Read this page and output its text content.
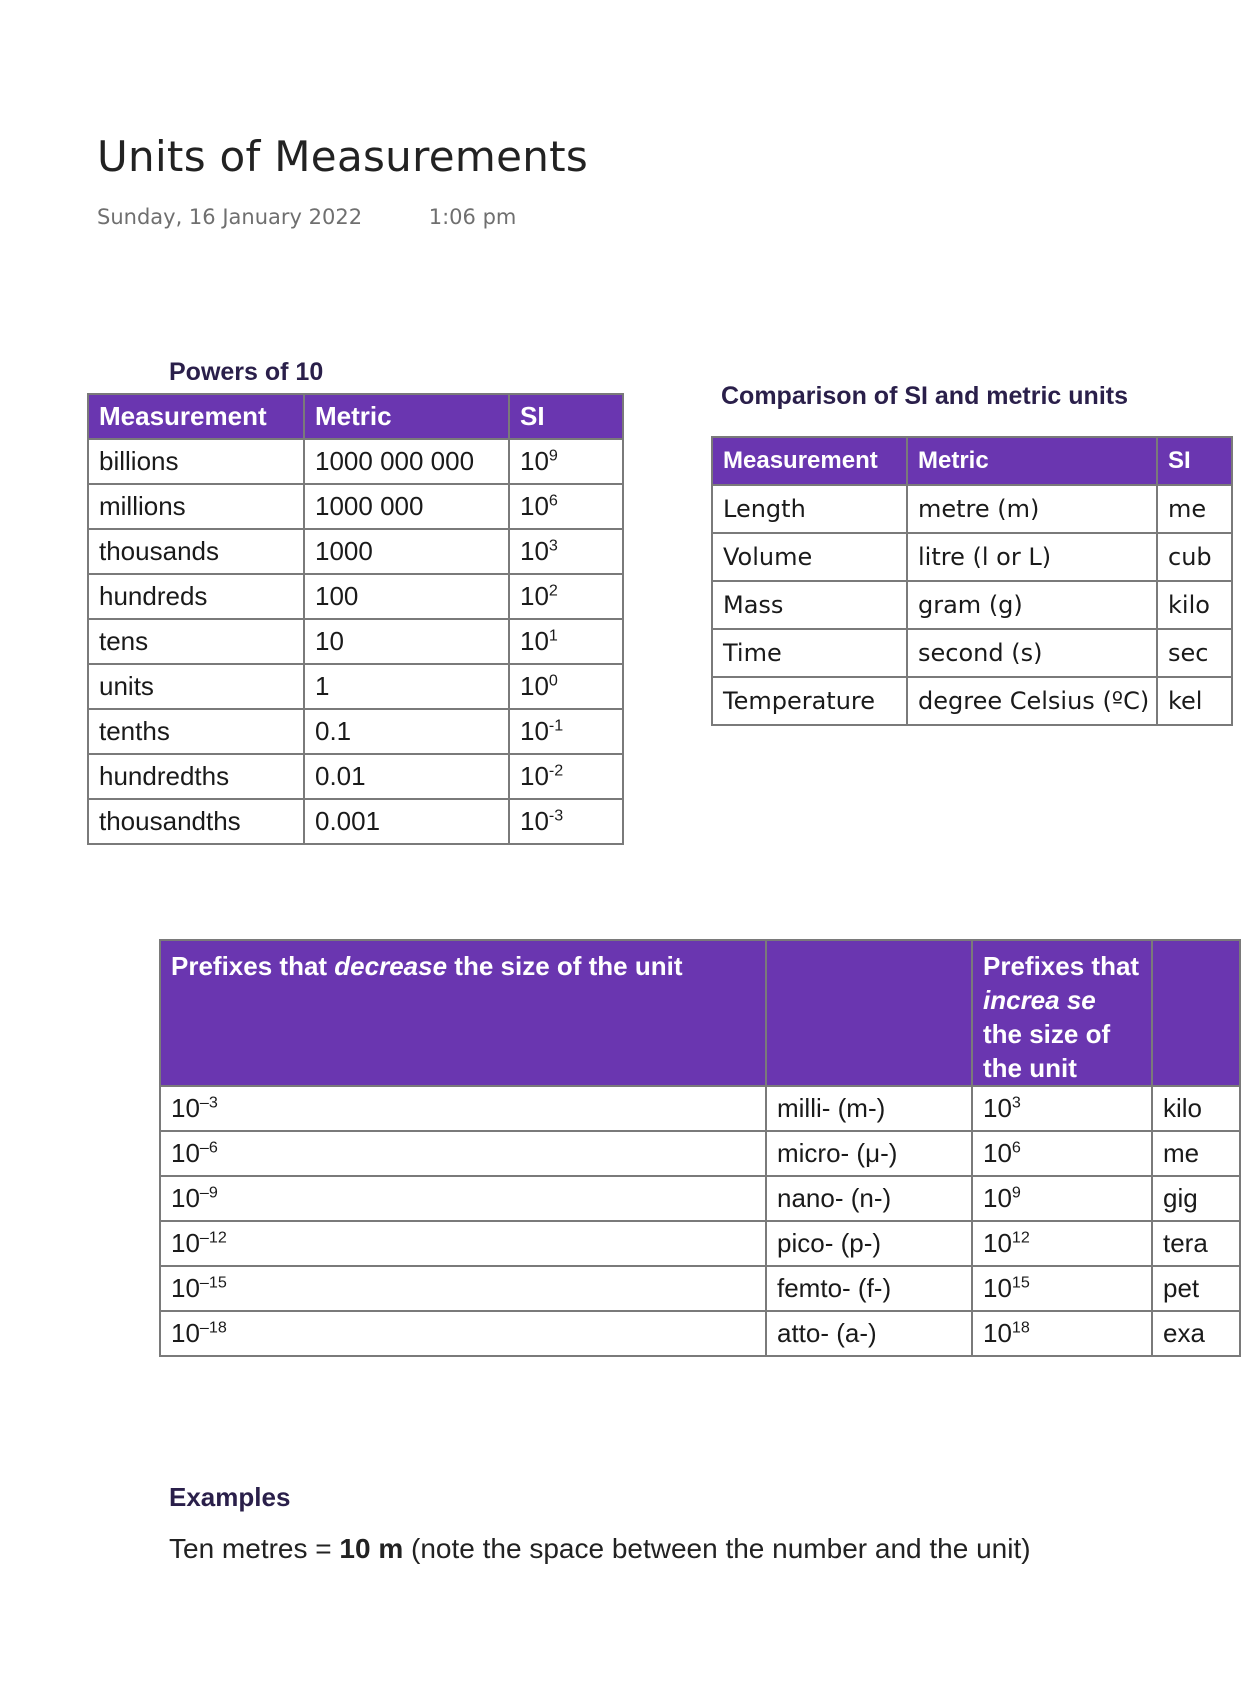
Units of Measurements
Sunday, 16 January 2022	1:06 pm
Powers of 10
Measurement	Metric	SI
billions	1000 000 000	$10^9$
millions	1000 000	$10^6$
thousands	1000	$10^3$
hundreds	100	$10^2$
tens	10	$10^1$
units	1	$10^0$
tenths	0.1	$10^{-1}$
hundredths	0.01	$10^{-2}$
thousandths	0.001	$10^{-3}$
Comparison of SI and metric units
Measurement	Metric	SI
Length	metre (m)	me
Volume	litre (l or L)	cub
Mass	gram (g)	kilo
Time	second (s)	sec
Temperature	degree Celsius (ºC)	kel
Prefixes that decrease the size of the unit		Prefixes that increa se the size of the unit	
$10^{-3}$	milli- (m-)	$10^3$	kilo
$10^{-6}$	micro- (μ-)	$10^6$	me
$10^{-9}$	nano- (n-)	$10^9$	gig
$10^{-12}$	pico- (p-)	$10^{12}$	tera
$10^{-15}$	femto- (f-)	$10^{15}$	pet
$10^{-18}$	atto- (a-)	$10^{18}$	exa
Examples
Ten metres = 10 m (note the space between the number and the unit)
